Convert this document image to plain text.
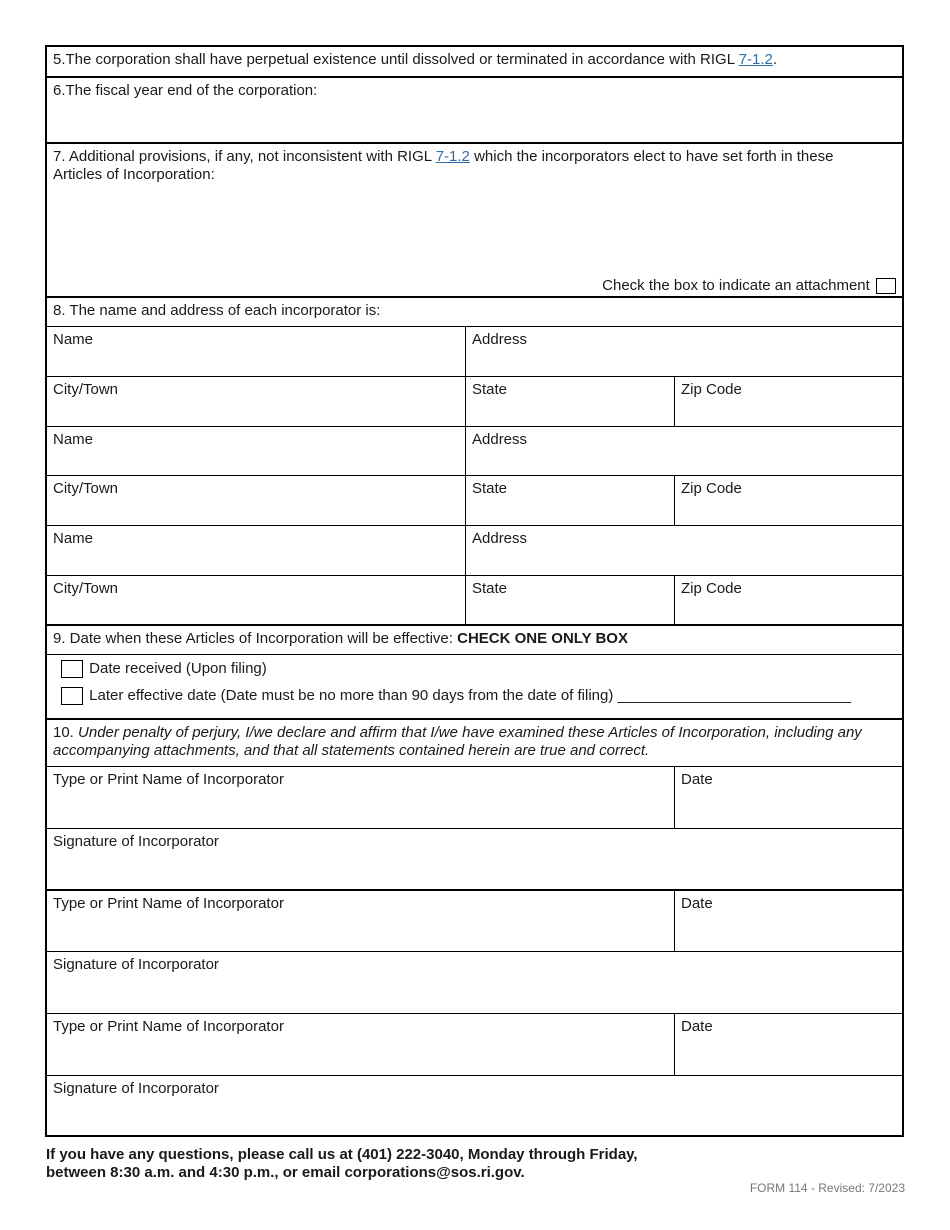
5.The corporation shall have perpetual existence until dissolved or terminated in accordance with RIGL 7-1.2.
6.The fiscal year end of the corporation:
7. Additional provisions, if any, not inconsistent with RIGL 7-1.2 which the incorporators elect to have set forth in these Articles of Incorporation:
Check the box to indicate an attachment
8. The name and address of each incorporator is:
Name	Address
City/Town	State	Zip Code
Name	Address
City/Town	State	Zip Code
Name	Address
City/Town	State	Zip Code
9. Date when these Articles of Incorporation will be effective: CHECK ONE ONLY BOX
Date received (Upon filing)
Later effective date (Date must be no more than 90 days from the date of filing) ____________________________
10. Under penalty of perjury, I/we declare and affirm that I/we have examined these Articles of Incorporation, including any accompanying attachments, and that all statements contained herein are true and correct.
Type or Print Name of Incorporator	Date
Signature of Incorporator
Type or Print Name of Incorporator	Date
Signature of Incorporator
Type or Print Name of Incorporator	Date
Signature of Incorporator
If you have any questions, please call us at (401) 222-3040, Monday through Friday,
between 8:30 a.m. and 4:30 p.m., or email corporations@sos.ri.gov.
FORM 114 - Revised: 7/2023
